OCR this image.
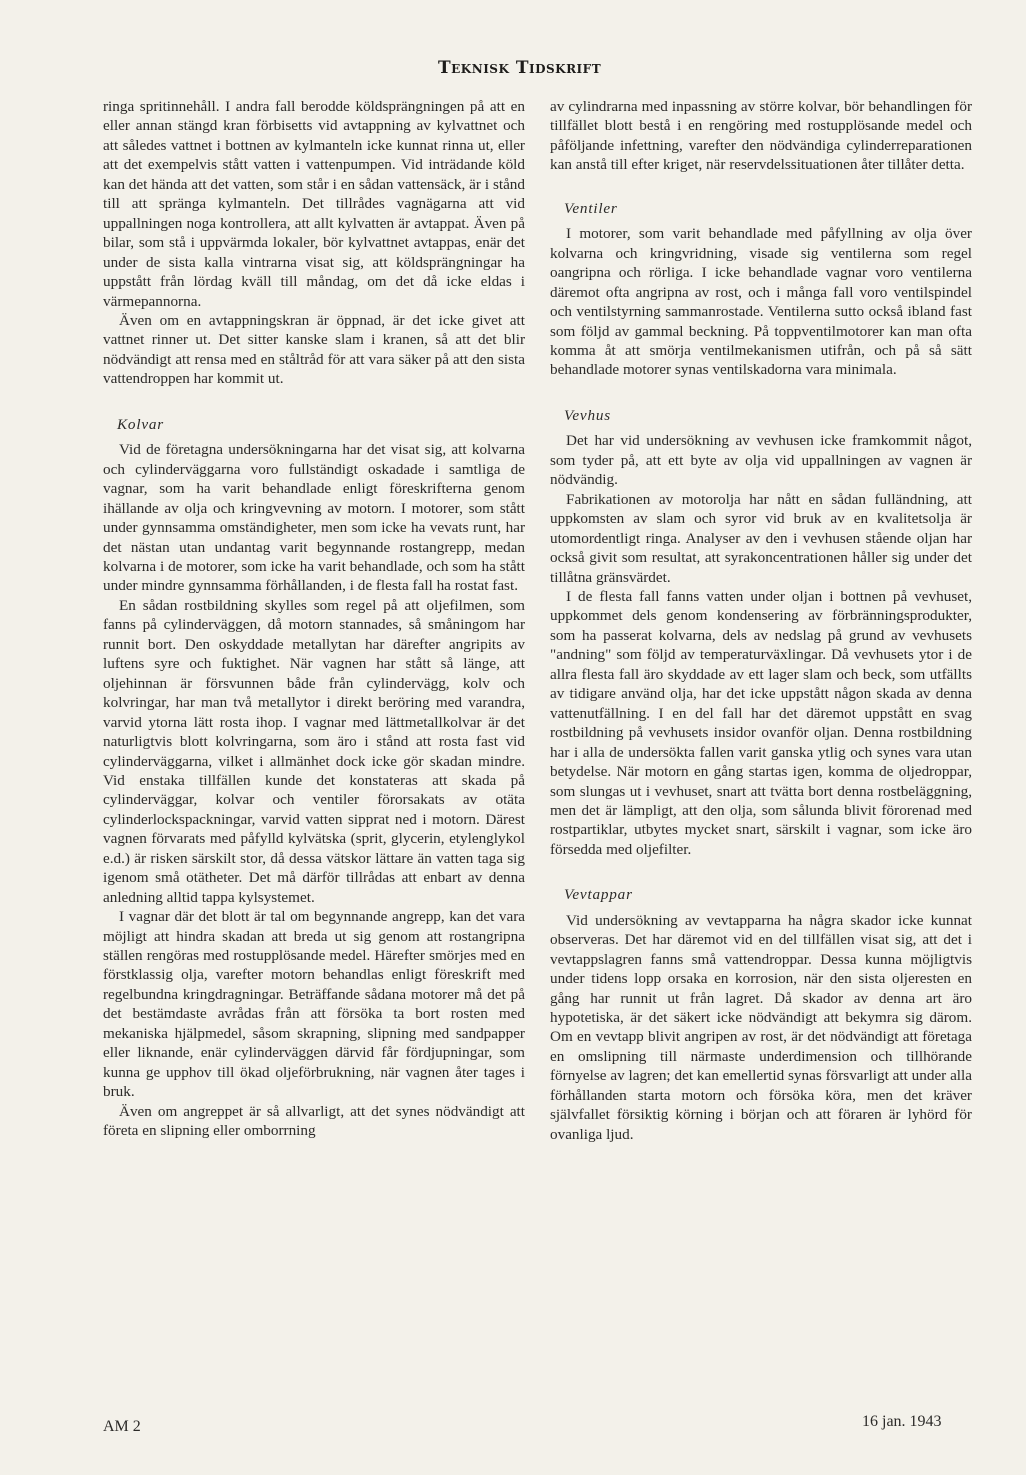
Teknisk Tidskrift

ringa spritinnehåll. I andra fall berodde köldsprängningen på att en eller annan stängd kran förbisetts vid avtappning av kylvattnet och att således vattnet i bottnen av kylmanteln icke kunnat rinna ut, eller att det exempelvis stått vatten i vattenpumpen. Vid inträdande köld kan det hända att det vatten, som står i en sådan vattensäck, är i stånd till att spränga kylmanteln. Det tillrådes vagnägarna att vid uppallningen noga kontrollera, att allt kylvatten är avtappat. Även på bilar, som stå i uppvärmda lokaler, bör kylvattnet avtappas, enär det under de sista kalla vintrarna visat sig, att köldsprängningar ha uppstått från lördag kväll till måndag, om det då icke eldas i värmepannorna.

Även om en avtappningskran är öppnad, är det icke givet att vattnet rinner ut. Det sitter kanske slam i kranen, så att det blir nödvändigt att rensa med en ståltråd för att vara säker på att den sista vattendroppen har kommit ut.

Kolvar

Vid de företagna undersökningarna har det visat sig, att kolvarna och cylinderväggarna voro fullständigt oskadade i samtliga de vagnar, som ha varit behandlade enligt föreskrifterna genom ihällande av olja och kringvevning av motorn. I motorer, som stått under gynnsamma omständigheter, men som icke ha vevats runt, har det nästan utan undantag varit begynnande rostangrepp, medan kolvarna i de motorer, som icke ha varit behandlade, och som ha stått under mindre gynnsamma förhållanden, i de flesta fall ha rostat fast.

En sådan rostbildning skylles som regel på att oljefilmen, som fanns på cylinderväggen, då motorn stannades, så småningom har runnit bort. Den oskyddade metallytan har därefter angripits av luftens syre och fuktighet. När vagnen har stått så länge, att oljehinnan är försvunnen både från cylindervägg, kolv och kolvringar, har man två metallytor i direkt beröring med varandra, varvid ytorna lätt rosta ihop. I vagnar med lättmetallkolvar är det naturligtvis blott kolvringarna, som äro i stånd att rosta fast vid cylinderväggarna, vilket i allmänhet dock icke gör skadan mindre. Vid enstaka tillfällen kunde det konstateras att skada på cylinderväggar, kolvar och ventiler förorsakats av otäta cylinderlockspackningar, varvid vatten sipprat ned i motorn. Därest vagnen förvarats med påfylld kylvätska (sprit, glycerin, etylenglykol e.d.) är risken särskilt stor, då dessa vätskor lättare än vatten taga sig igenom små otätheter. Det må därför tillrådas att enbart av denna anledning alltid tappa kylsystemet.

I vagnar där det blott är tal om begynnande angrepp, kan det vara möjligt att hindra skadan att breda ut sig genom att rostangripna ställen rengöras med rostupplösande medel. Härefter smörjes med en förstklassig olja, varefter motorn behandlas enligt föreskrift med regelbundna kringdragningar. Beträffande sådana motorer må det på det bestämdaste avrådas från att försöka ta bort rosten med mekaniska hjälpmedel, såsom skrapning, slipning med sandpapper eller liknande, enär cylinderväggen därvid får fördjupningar, som kunna ge upphov till ökad oljeförbrukning, när vagnen åter tages i bruk.

Även om angreppet är så allvarligt, att det synes nödvändigt att företa en slipning eller omborrning

av cylindrarna med inpassning av större kolvar, bör behandlingen för tillfället blott bestå i en rengöring med rostupplösande medel och påföljande infettning, varefter den nödvändiga cylinderreparationen kan anstå till efter kriget, när reservdelssituationen åter tillåter detta.

Ventiler

I motorer, som varit behandlade med påfyllning av olja över kolvarna och kringvridning, visade sig ventilerna som regel oangripna och rörliga. I icke behandlade vagnar voro ventilerna däremot ofta angripna av rost, och i många fall voro ventilspindel och ventilstyrning sammanrostade. Ventilerna sutto också ibland fast som följd av gammal beckning. På toppventilmotorer kan man ofta komma åt att smörja ventilmekanismen utifrån, och på så sätt behandlade motorer synas ventilskadorna vara minimala.

Vevhus

Det har vid undersökning av vevhusen icke framkommit något, som tyder på, att ett byte av olja vid uppallningen av vagnen är nödvändig.

Fabrikationen av motorolja har nått en sådan fulländning, att uppkomsten av slam och syror vid bruk av en kvalitetsolja är utomordentligt ringa. Analyser av den i vevhusen stående oljan har också givit som resultat, att syrakoncentrationen håller sig under det tillåtna gränsvärdet.

I de flesta fall fanns vatten under oljan i bottnen på vevhuset, uppkommet dels genom kondensering av förbränningsprodukter, som ha passerat kolvarna, dels av nedslag på grund av vevhusets "andning" som följd av temperaturväxlingar. Då vevhusets ytor i de allra flesta fall äro skyddade av ett lager slam och beck, som utfällts av tidigare använd olja, har det icke uppstått någon skada av denna vattenutfällning. I en del fall har det däremot uppstått en svag rostbildning på vevhusets insidor ovanför oljan. Denna rostbildning har i alla de undersökta fallen varit ganska ytlig och synes vara utan betydelse. När motorn en gång startas igen, komma de oljedroppar, som slungas ut i vevhuset, snart att tvätta bort denna rostbeläggning, men det är lämpligt, att den olja, som sålunda blivit förorenad med rostpartiklar, utbytes mycket snart, särskilt i vagnar, som icke äro försedda med oljefilter.

Vevtappar

Vid undersökning av vevtapparna ha några skador icke kunnat observeras. Det har däremot vid en del tillfällen visat sig, att det i vevtappslagren fanns små vattendroppar. Dessa kunna möjligtvis under tidens lopp orsaka en korrosion, när den sista oljeresten en gång har runnit ut från lagret. Då skador av denna art äro hypotetiska, är det säkert icke nödvändigt att bekymra sig därom. Om en vevtapp blivit angripen av rost, är det nödvändigt att företaga en omslipning till närmaste underdimension och tillhörande förnyelse av lagren; det kan emellertid synas försvarligt att under alla förhållanden starta motorn och försöka köra, men det kräver självfallet försiktig körning i början och att föraren är lyhörd för ovanliga ljud.

AM 2	16 jan. 1943
